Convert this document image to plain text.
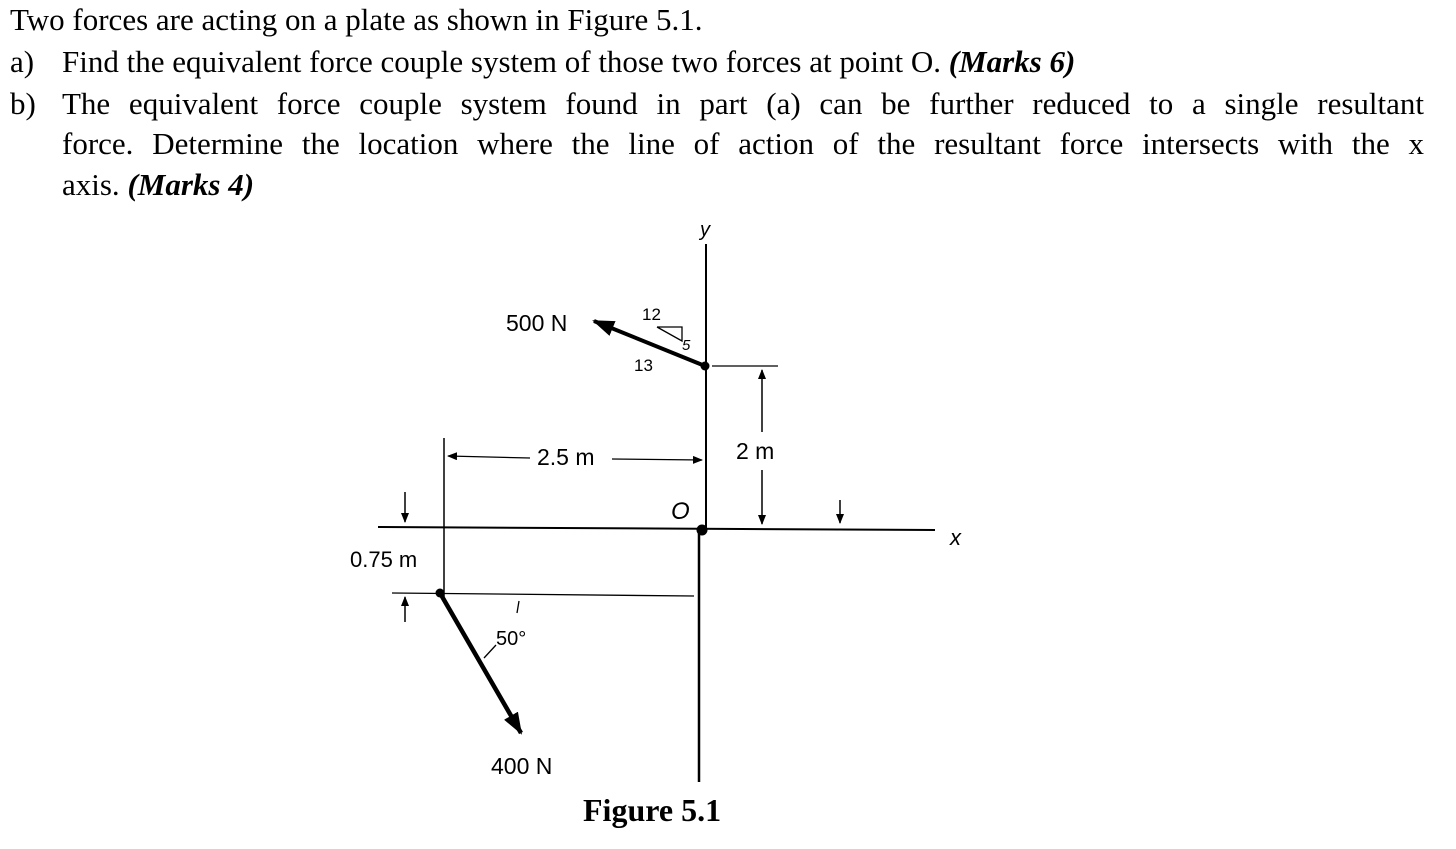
Two forces are acting on a plate as shown in Figure 5.1.
a) Find the equivalent force couple system of those two forces at point O. (Marks 6)
b) The equivalent force couple system found in part (a) can be further reduced to a single resultant
force. Determine the location where the line of action of the resultant force intersects with the x
axis. (Marks 4)
y
x
O
500 N	12
5
13
2.5 m	2 m
0.75 m
50°
400 N
Figure 5.1
